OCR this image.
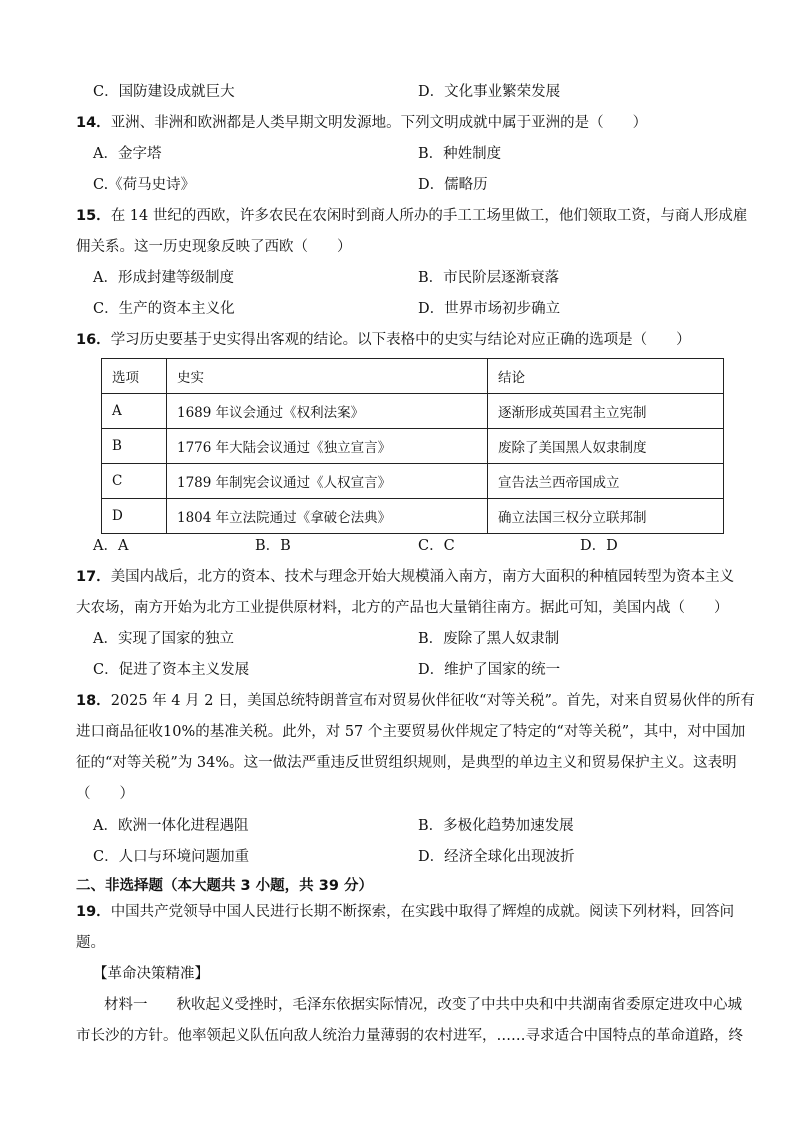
C．国防建设成就巨大	D．文化事业繁荣发展
14．亚洲、非洲和欧洲都是人类早期文明发源地。下列文明成就中属于亚洲的是（　　）
A．金字塔	B．种姓制度
C.《荷马史诗》	D．儒略历
15．在 14 世纪的西欧，许多农民在农闲时到商人所办的手工工场里做工，他们领取工资，与商人形成雇
佣关系。这一历史现象反映了西欧（　　）
A．形成封建等级制度	B．市民阶层逐渐衰落
C．生产的资本主义化	D．世界市场初步确立
16．学习历史要基于史实得出客观的结论。以下表格中的史实与结论对应正确的选项是（　　）
选项	史实	结论
A	1689 年议会通过《权利法案》	逐渐形成英国君主立宪制
B	1776 年大陆会议通过《独立宣言》	废除了美国黑人奴隶制度
C	1789 年制宪会议通过《人权宣言》	宣告法兰西帝国成立
D	1804 年立法院通过《拿破仑法典》	确立法国三权分立联邦制
A．A	B．B	C．C	D．D
17．美国内战后，北方的资本、技术与理念开始大规模涌入南方，南方大面积的种植园转型为资本主义
大农场，南方开始为北方工业提供原材料，北方的产品也大量销往南方。据此可知，美国内战（　　）
A．实现了国家的独立	B．废除了黑人奴隶制
C．促进了资本主义发展	D．维护了国家的统一
18．2025 年 4 月 2 日，美国总统特朗普宣布对贸易伙伴征收“对等关税”。首先，对来自贸易伙伴的所有
进口商品征收10%的基准关税。此外，对 57 个主要贸易伙伴规定了特定的“对等关税”，其中，对中国加
征的“对等关税”为 34%。这一做法严重违反世贸组织规则，是典型的单边主义和贸易保护主义。这表明
（　　）
A．欧洲一体化进程遇阻	B．多极化趋势加速发展
C．人口与环境问题加重	D．经济全球化出现波折
二、非选择题（本大题共 3 小题，共 39 分）
19．中国共产党领导中国人民进行长期不断探索，在实践中取得了辉煌的成就。阅读下列材料，回答问
题。
【革命决策精准】
材料一　　秋收起义受挫时，毛泽东依据实际情况，改变了中共中央和中共湖南省委原定进攻中心城
市长沙的方针。他率领起义队伍向敌人统治力量薄弱的农村进军，……寻求适合中国特点的革命道路，终
